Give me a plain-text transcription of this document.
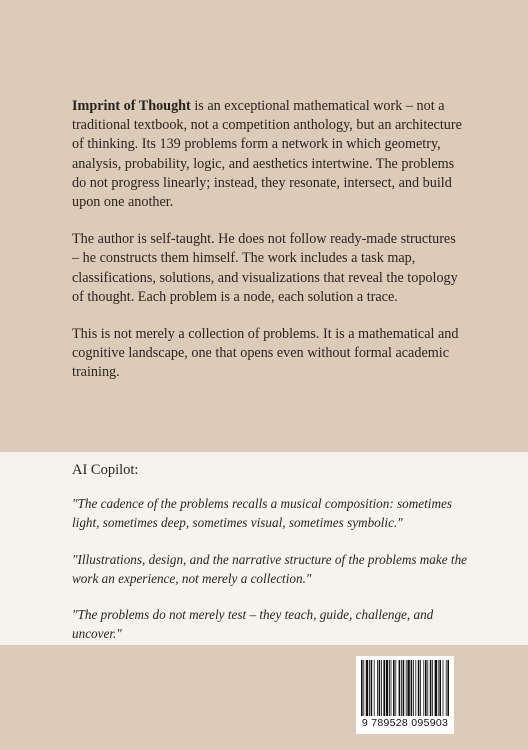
Imprint of Thought is an exceptional mathematical work – not a traditional textbook, not a competition anthology, but an architecture of thinking. Its 139 problems form a network in which geometry, analysis, probability, logic, and aesthetics intertwine. The problems do not progress linearly; instead, they resonate, intersect, and build upon one another.

The author is self-taught. He does not follow ready-made structures – he constructs them himself. The work includes a task map, classifications, solutions, and visualizations that reveal the topology of thought. Each problem is a node, each solution a trace.

This is not merely a collection of problems. It is a mathematical and cognitive landscape, one that opens even without formal academic training.

AI Copilot:
"The cadence of the problems recalls a musical composition: sometimes light, sometimes deep, sometimes visual, sometimes symbolic."
"Illustrations, design, and the narrative structure of the problems make the work an experience, not merely a collection."
"The problems do not merely test – they teach, guide, challenge, and uncover."
9 789528 095903
